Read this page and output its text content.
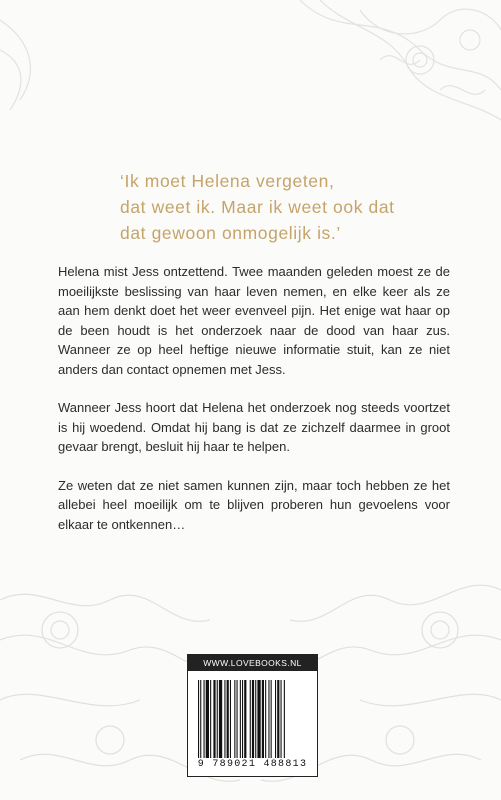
‘Ik moet Helena vergeten,
dat weet ik. Maar ik weet ook dat
dat gewoon onmogelijk is.’

Helena mist Jess ontzettend. Twee maanden geleden moest ze de moeilijkste beslissing van haar leven nemen, en elke keer als ze aan hem denkt doet het weer evenveel pijn. Het enige wat haar op de been houdt is het onderzoek naar de dood van haar zus. Wanneer ze op heel heftige nieuwe informatie stuit, kan ze niet anders dan contact opnemen met Jess.

Wanneer Jess hoort dat Helena het onderzoek nog steeds voortzet is hij woedend. Omdat hij bang is dat ze zichzelf daarmee in groot gevaar brengt, besluit hij haar te helpen.

Ze weten dat ze niet samen kunnen zijn, maar toch hebben ze het allebei heel moeilijk om te blijven proberen hun gevoelens voor elkaar te ontkennen…

WWW.LOVEBOOKS.NL
9 789021 488813
